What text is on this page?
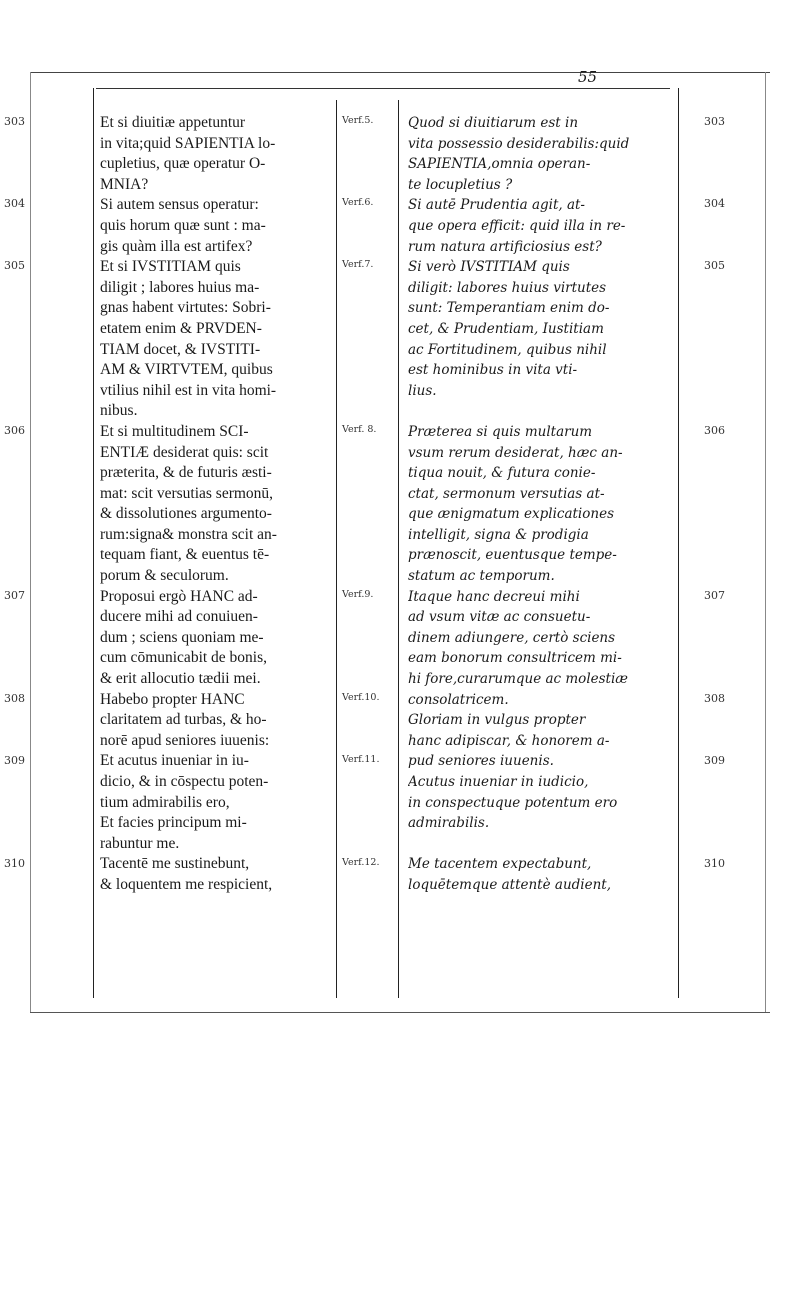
55
303
304
305
306
307
308
309
310
303
304
305
306
307
308
309
310
Verf.5.
Verf.6.
Verf.7.
Verf. 8.
Verf.9.
Verf.10.
Verf.11.
Verf.12.
Et si diuitiæ appetuntur
in vita;quid SAPIENTIA lo-
cupletius, quæ operatur O-
MNIA?
Si autem sensus operatur:
quis horum quæ sunt : ma-
gis quàm illa est artifex?
Et si IVSTITIAM quis
diligit ; labores huius ma-
gnas habent virtutes: Sobri-
etatem enim & PRVDEN-
TIAM docet, & IVSTITI-
AM & VIRTVTEM, quibus
vtilius nihil est in vita homi-
nibus.
Et si multitudinem SCI-
ENTIÆ desiderat quis: scit
præterita, & de futuris æsti-
mat: scit versutias sermonū,
& dissolutiones argumento-
rum:signa& monstra scit an-
tequam fiant, & euentus tē-
porum & seculorum.
Proposui ergò HANC ad-
ducere mihi ad conuiuen-
dum ; sciens quoniam me-
cum cōmunicabit de bonis,
& erit allocutio tædii mei.
Habebo propter HANC
claritatem ad turbas, & ho-
norē apud seniores iuuenis:
Et acutus inueniar in iu-
dicio, & in cōspectu poten-
tium admirabilis ero,
Et facies principum mi-
rabuntur me.
Tacentē me sustinebunt,
& loquentem me respicient,
Quod si diuitiarum est in
vita possessio desiderabilis:quid
SAPIENTIA,omnia operan-
te locupletius ?
Si autē Prudentia agit, at-
que opera efficit: quid illa in re-
rum natura artificiosius est?
Si verò IVSTITIAM quis
diligit: labores huius virtutes
sunt: Temperantiam enim do-
cet, & Prudentiam, Iustitiam
ac Fortitudinem, quibus nihil
est hominibus in vita vti-
lius.
Præterea si quis multarum
vsum rerum desiderat, hæc an-
tiqua nouit, & futura conie-
ctat, sermonum versutias at-
que ænigmatum explicationes
intelligit, signa & prodigia
prænoscit, euentusque tempe-
statum ac temporum.
Itaque hanc decreui mihi
ad vsum vitæ ac consuetu-
dinem adiungere, certò sciens
eam bonorum consultricem mi-
hi fore,curarumque ac molestiæ
consolatricem.
Gloriam in vulgus propter
hanc adipiscar, & honorem a-
pud seniores iuuenis.
Acutus inueniar in iudicio,
in conspectuque potentum ero
admirabilis.
Me tacentem expectabunt,
loquētemque attentè audient,
